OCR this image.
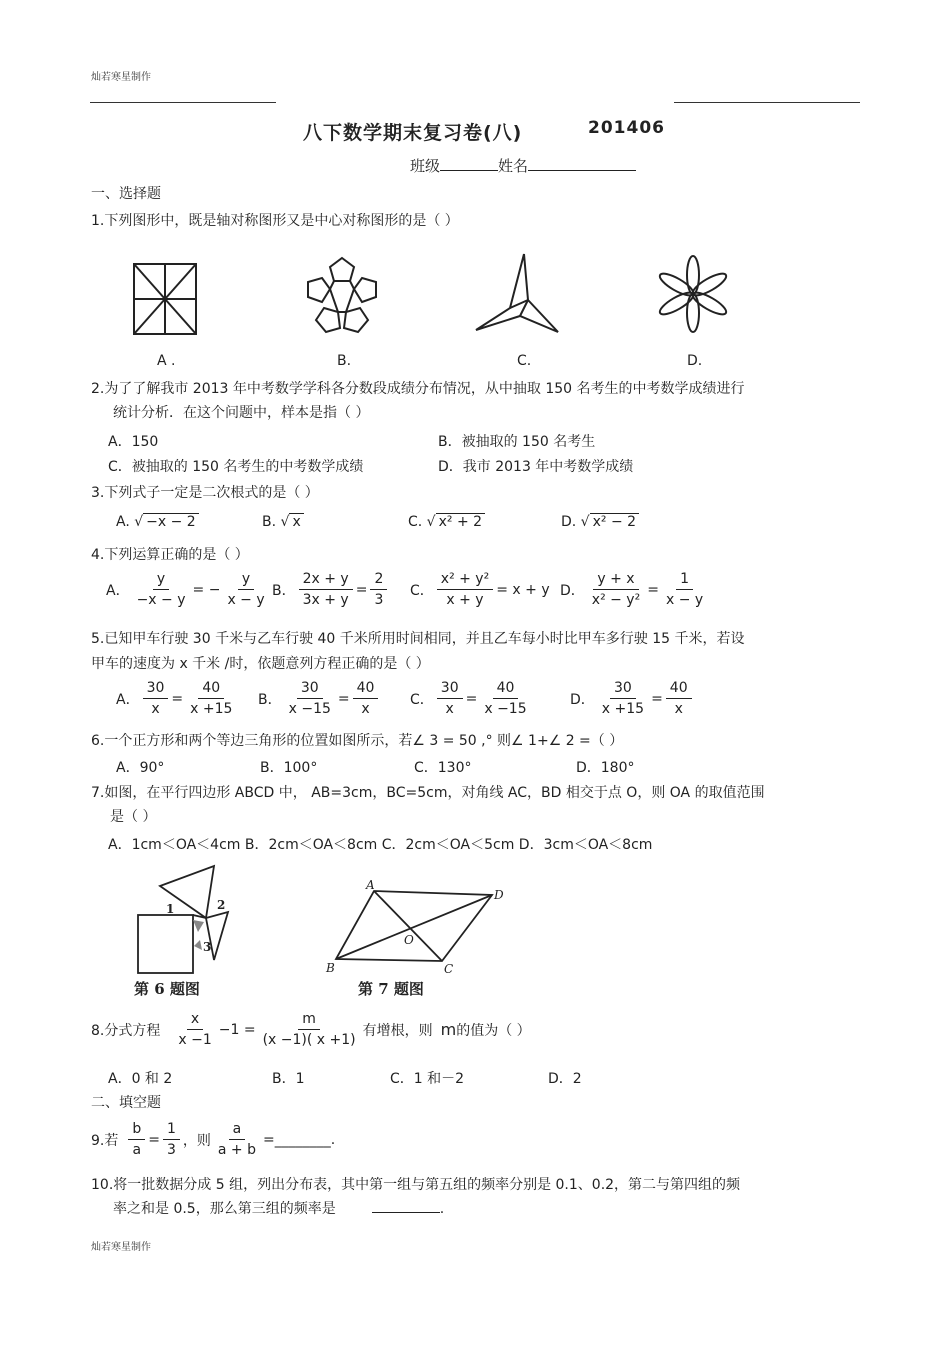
灿若寒星制作
八下数学期末复习卷(八)	201406
班级	姓名
一、选择题
1.下列图形中，既是轴对称图形又是中心对称图形的是（ ）
A .	B.	C.	D.
2.为了了解我市 2013 年中考数学学科各分数段成绩分布情况，从中抽取 150 名考生的中考数学成绩进行
统计分析．在这个问题中，样本是指（ ）
A．150	B．被抽取的 150 名考生
C．被抽取的 150 名考生的中考数学成绩	D．我市 2013 年中考数学成绩
3.下列式子一定是二次根式的是（ ）
A. √ −x − 2	B. √ x	C. √ x² + 2	D. √ x² − 2
4.下列运算正确的是（ ）
A． $\frac{y}{-x - y}$ = − $\frac{y}{x - y}$ B． $\frac{2x + y}{3x + y} = \frac{2}{3}$ C． $\frac{\text{x² + y²}}{x + y} = x + y$ D． $\frac{y + x}{\text{x² − y²}} = \frac{1}{x - y}$
5.已知甲车行驶 30 千米与乙车行驶 40 千米所用时间相同，并且乙车每小时比甲车多行驶 15 千米，若设
甲车的速度为 x 千米 /时，依题意列方程正确的是（ ）
A． $\frac{30}{x} = \frac{40}{x +15}$ B． $\frac{30}{x -15} = \frac{40}{x}$ C． $\frac{30}{x} = \frac{40}{x -15}$	D． $\frac{30}{x +15} = \frac{40}{x}$
6.一个正方形和两个等边三角形的位置如图所示，若∠ 3 = 50 ,° 则∠ 1+∠ 2 =（ ）
A．90°	B．100°	C．130°	D．180°
7.如图，在平行四边形 ABCD 中， AB=3cm，BC=5cm，对角线 AC，BD 相交于点 O，则 OA 的取值范围
是（ ）
A．1cm＜OA＜4cm B．2cm＜OA＜8cm C．2cm＜OA＜5cm D．3cm＜OA＜8cm
1	2
3
第 6 题图
A
B	C
D
O
第 7 题图
8.分式方程 $\frac{x}{x -1} -1 = \frac{m}{(x -1)( x +1)}$ 有增根，则 m 的值为（ ）
A．0 和 2	B．1	C．1 和－2	D．2
二、填空题
9.若 $\frac{b}{a} = \frac{1}{3}$ ，则 $\frac{a}{a + b}$ =________.
10.将一批数据分成 5 组，列出分布表，其中第一组与第五组的频率分别是 0.1、0.2，第二与第四组的频
率之和是 0.5，那么第三组的频率是	.
灿若寒星制作
